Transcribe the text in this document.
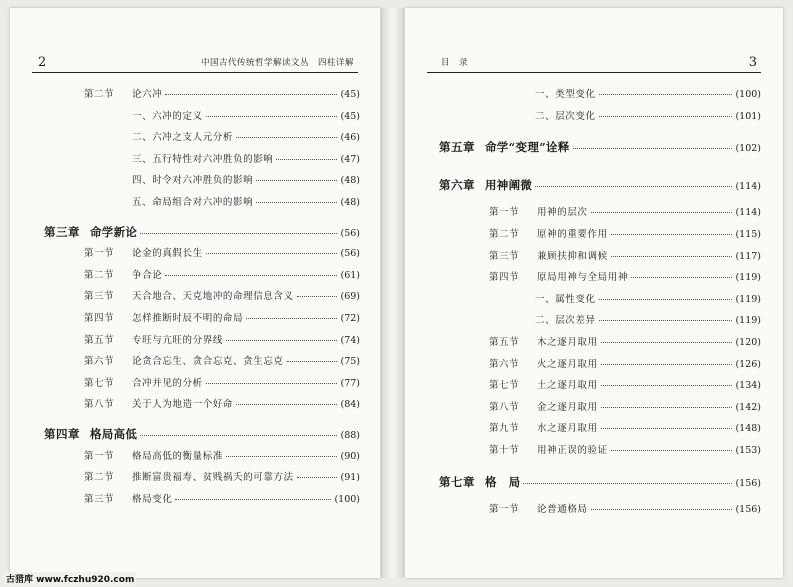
2	中国古代传统哲学解读文丛　四柱详解
第二节 论六冲	(45)
一、六冲的定义	(45)
二、六冲之支人元分析	(46)
三、五行特性对六冲胜负的影响	(47)
四、时令对六冲胜负的影响	(48)
五、命局组合对六冲的影响	(48)
第三章 命学新论	(56)
第一节 论金的真假长生	(56)
第二节 争合论	(61)
第三节 天合地合、天克地冲的命理信息含义	(69)
第四节 怎样推断时辰不明的命局	(72)
第五节 专旺与亢旺的分界线	(74)
第六节 论贪合忘生、贪合忘克、贪生忘克	(75)
第七节 合冲并见的分析	(77)
第八节 关于人为地造一个好命	(84)
第四章 格局高低	(88)
第一节 格局高低的衡量标准	(90)
第二节 推断富贵福寿、贫贱祸夭的可靠方法	(91)
第三节 格局变化	(100)
目　录	3
一、类型变化	(100)
二、层次变化	(101)
第五章 命学“变理”诠释	(102)
第六章 用神阐微	(114)
第一节 用神的层次	(114)
第二节 原神的重要作用	(115)
第三节 兼顾扶抑和调候	(117)
第四节 原局用神与全局用神	(119)
一、属性变化	(119)
二、层次差异	(119)
第五节 木之逐月取用	(120)
第六节 火之逐月取用	(126)
第七节 土之逐月取用	(134)
第八节 金之逐月取用	(142)
第九节 水之逐月取用	(148)
第十节 用神正误的验证	(153)
第七章 格　局	(156)
第一节 论普通格局	(156)
古猎库 www.fczhu920.com
